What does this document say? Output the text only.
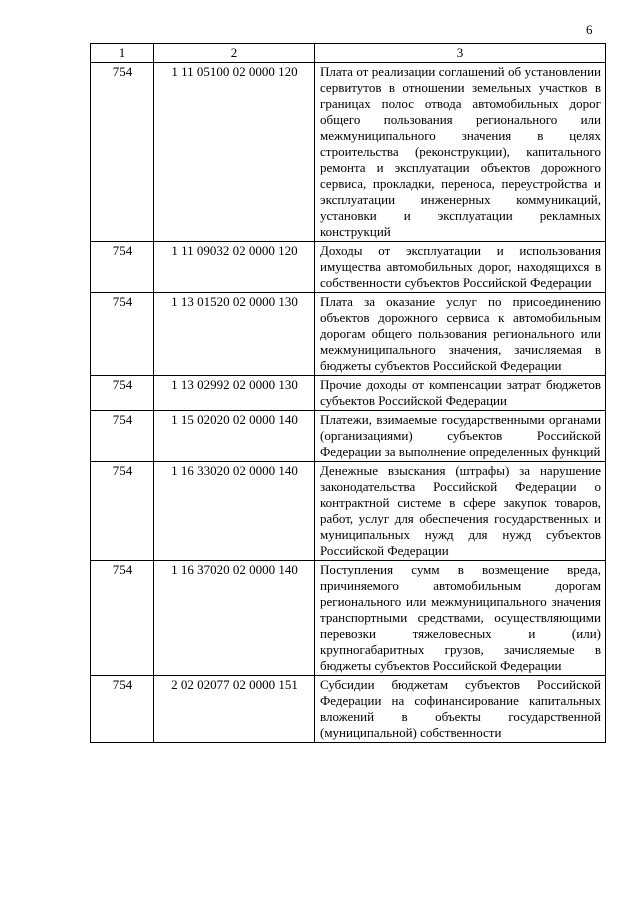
6
1	2	3
754	1 11 05100 02 0000 120	Плата от реализации соглашений об установлении сервитутов в отношении земельных участков в границах полос отвода автомобильных дорог общего пользования регионального или межмуниципального значения в целях строительства (реконструкции), капитального ремонта и эксплуатации объектов дорожного сервиса, прокладки, переноса, переустройства и эксплуатации инженерных коммуникаций, установки и эксплуатации рекламных конструкций
754	1 11 09032 02 0000 120	Доходы от эксплуатации и использования имущества автомобильных дорог, находящихся в собственности субъектов Российской Федерации
754	1 13 01520 02 0000 130	Плата за оказание услуг по присоединению объектов дорожного сервиса к автомобильным дорогам общего пользования регионального или межмуниципального значения, зачисляемая в бюджеты субъектов Российской Федерации
754	1 13 02992 02 0000 130	Прочие доходы от компенсации затрат бюджетов субъектов Российской Федерации
754	1 15 02020 02 0000 140	Платежи, взимаемые государственными органами (организациями) субъектов Российской Федерации за выполнение определенных функций
754	1 16 33020 02 0000 140	Денежные взыскания (штрафы) за нарушение законодательства Российской Федерации о контрактной системе в сфере закупок товаров, работ, услуг для обеспечения государственных и муниципальных нужд для нужд субъектов Российской Федерации
754	1 16 37020 02 0000 140	Поступления сумм в возмещение вреда, причиняемого автомобильным дорогам регионального или межмуниципального значения транспортными средствами, осуществляющими перевозки тяжеловесных и (или) крупногабаритных грузов, зачисляемые в бюджеты субъектов Российской Федерации
754	2 02 02077 02 0000 151	Субсидии бюджетам субъектов Российской Федерации на софинансирование капитальных вложений в объекты государственной (муниципальной) собственности
